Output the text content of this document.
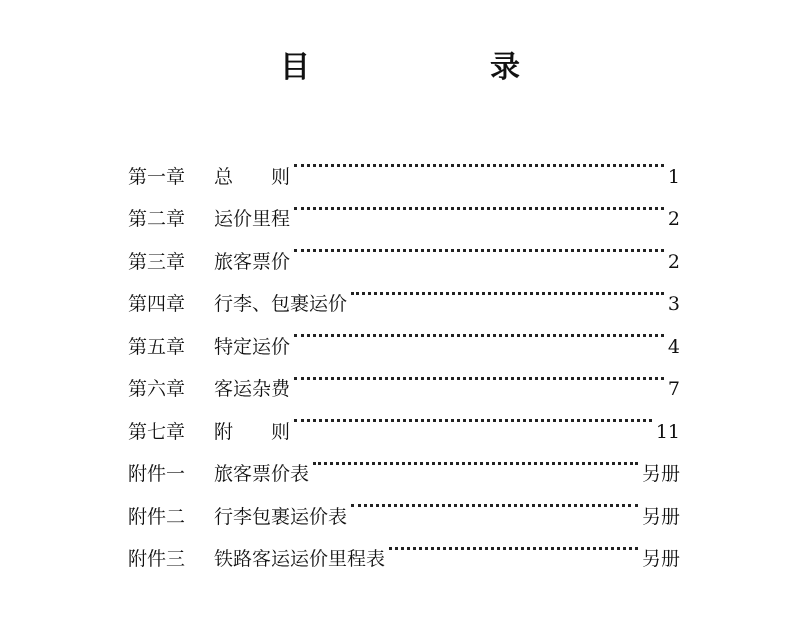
目　　录
第一章	总　　则	1
第二章	运价里程	2
第三章	旅客票价	2
第四章	行李、包裹运价	3
第五章	特定运价	4
第六章	客运杂费	7
第七章	附　　则	11
附件一	旅客票价表	另册
附件二	行李包裹运价表	另册
附件三	铁路客运运价里程表	另册
